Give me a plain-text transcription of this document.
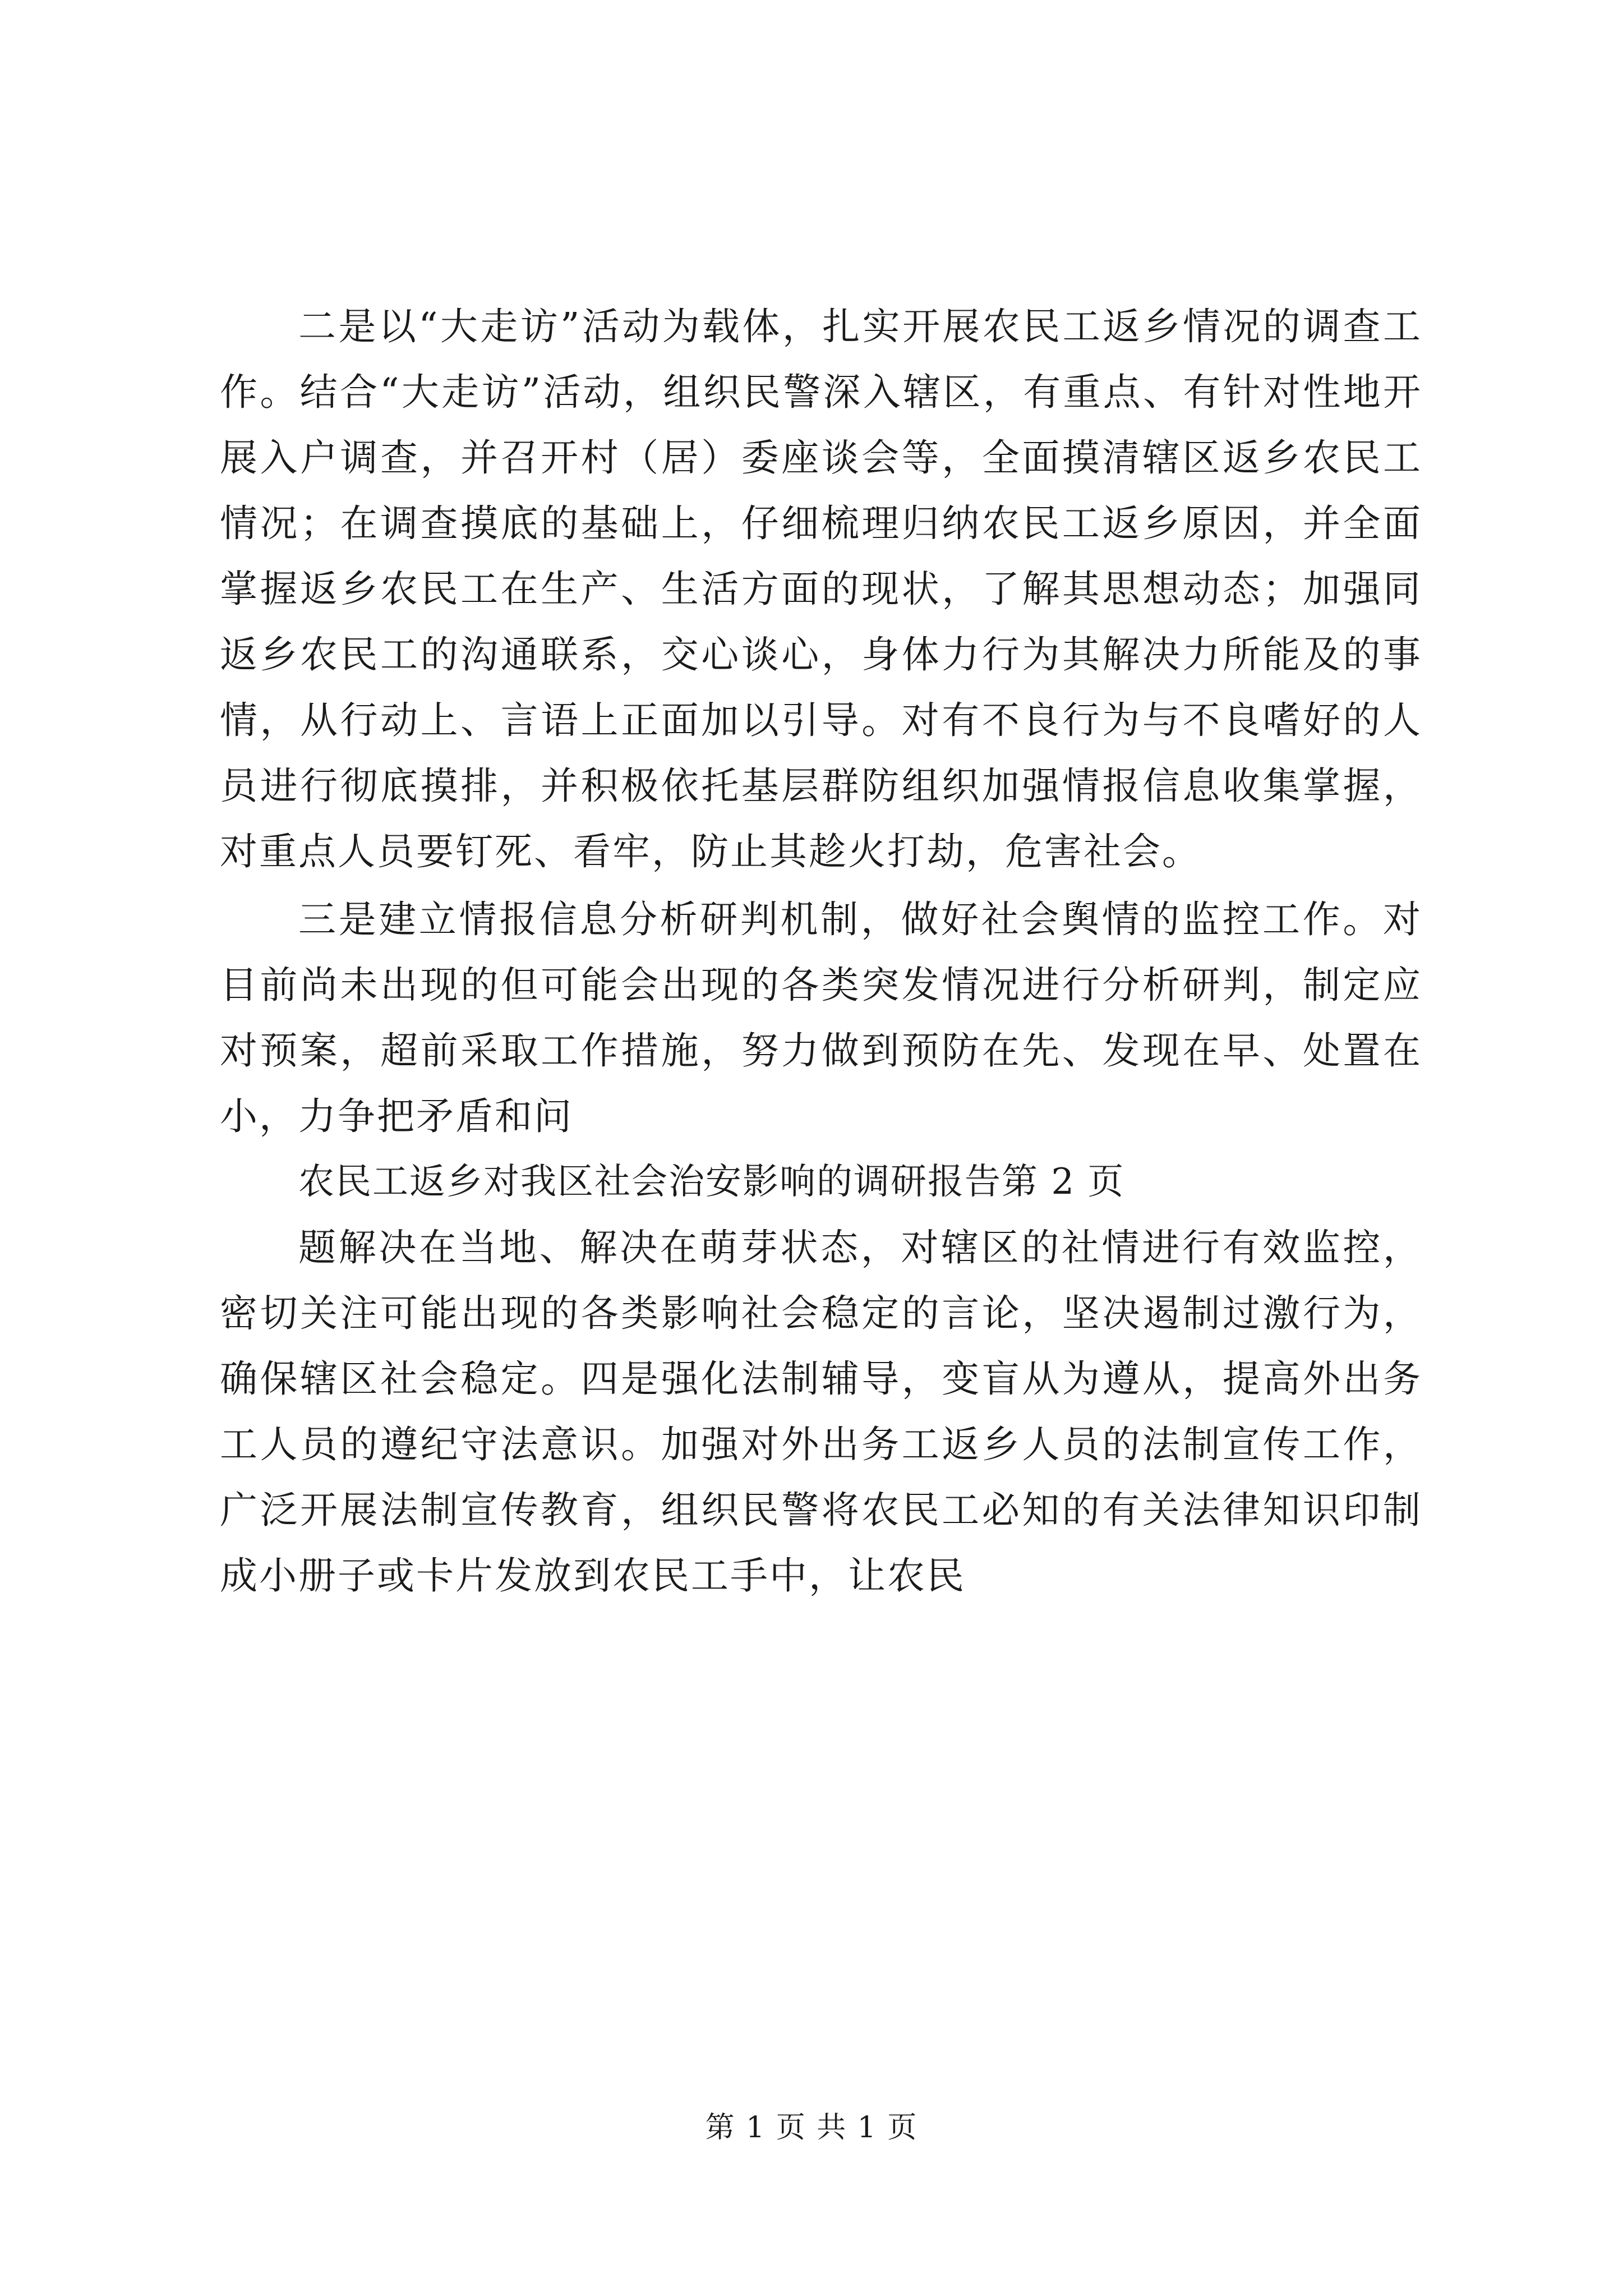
二是以“大走访”活动为载体，扎实开展农民工返乡情况的调查工作。结合“大走访”活动，组织民警深入辖区，有重点、有针对性地开展入户调查，并召开村（居）委座谈会等，全面摸清辖区返乡农民工情况；在调查摸底的基础上，仔细梳理归纳农民工返乡原因，并全面掌握返乡农民工在生产、生活方面的现状，了解其思想动态；加强同返乡农民工的沟通联系，交心谈心，身体力行为其解决力所能及的事情，从行动上、言语上正面加以引导。对有不良行为与不良嗜好的人员进行彻底摸排，并积极依托基层群防组织加强情报信息收集掌握，对重点人员要钉死、看牢，防止其趁火打劫，危害社会。

三是建立情报信息分析研判机制，做好社会舆情的监控工作。对目前尚未出现的但可能会出现的各类突发情况进行分析研判，制定应对预案，超前采取工作措施，努力做到预防在先、发现在早、处置在小，力争把矛盾和问

农民工返乡对我区社会治安影响的调研报告第 2 页

题解决在当地、解决在萌芽状态，对辖区的社情进行有效监控，密切关注可能出现的各类影响社会稳定的言论，坚决遏制过激行为，确保辖区社会稳定。四是强化法制辅导，变盲从为遵从，提高外出务工人员的遵纪守法意识。加强对外出务工返乡人员的法制宣传工作，广泛开展法制宣传教育，组织民警将农民工必知的有关法律知识印制成小册子或卡片发放到农民工手中，让农民

第 1 页 共 1 页
